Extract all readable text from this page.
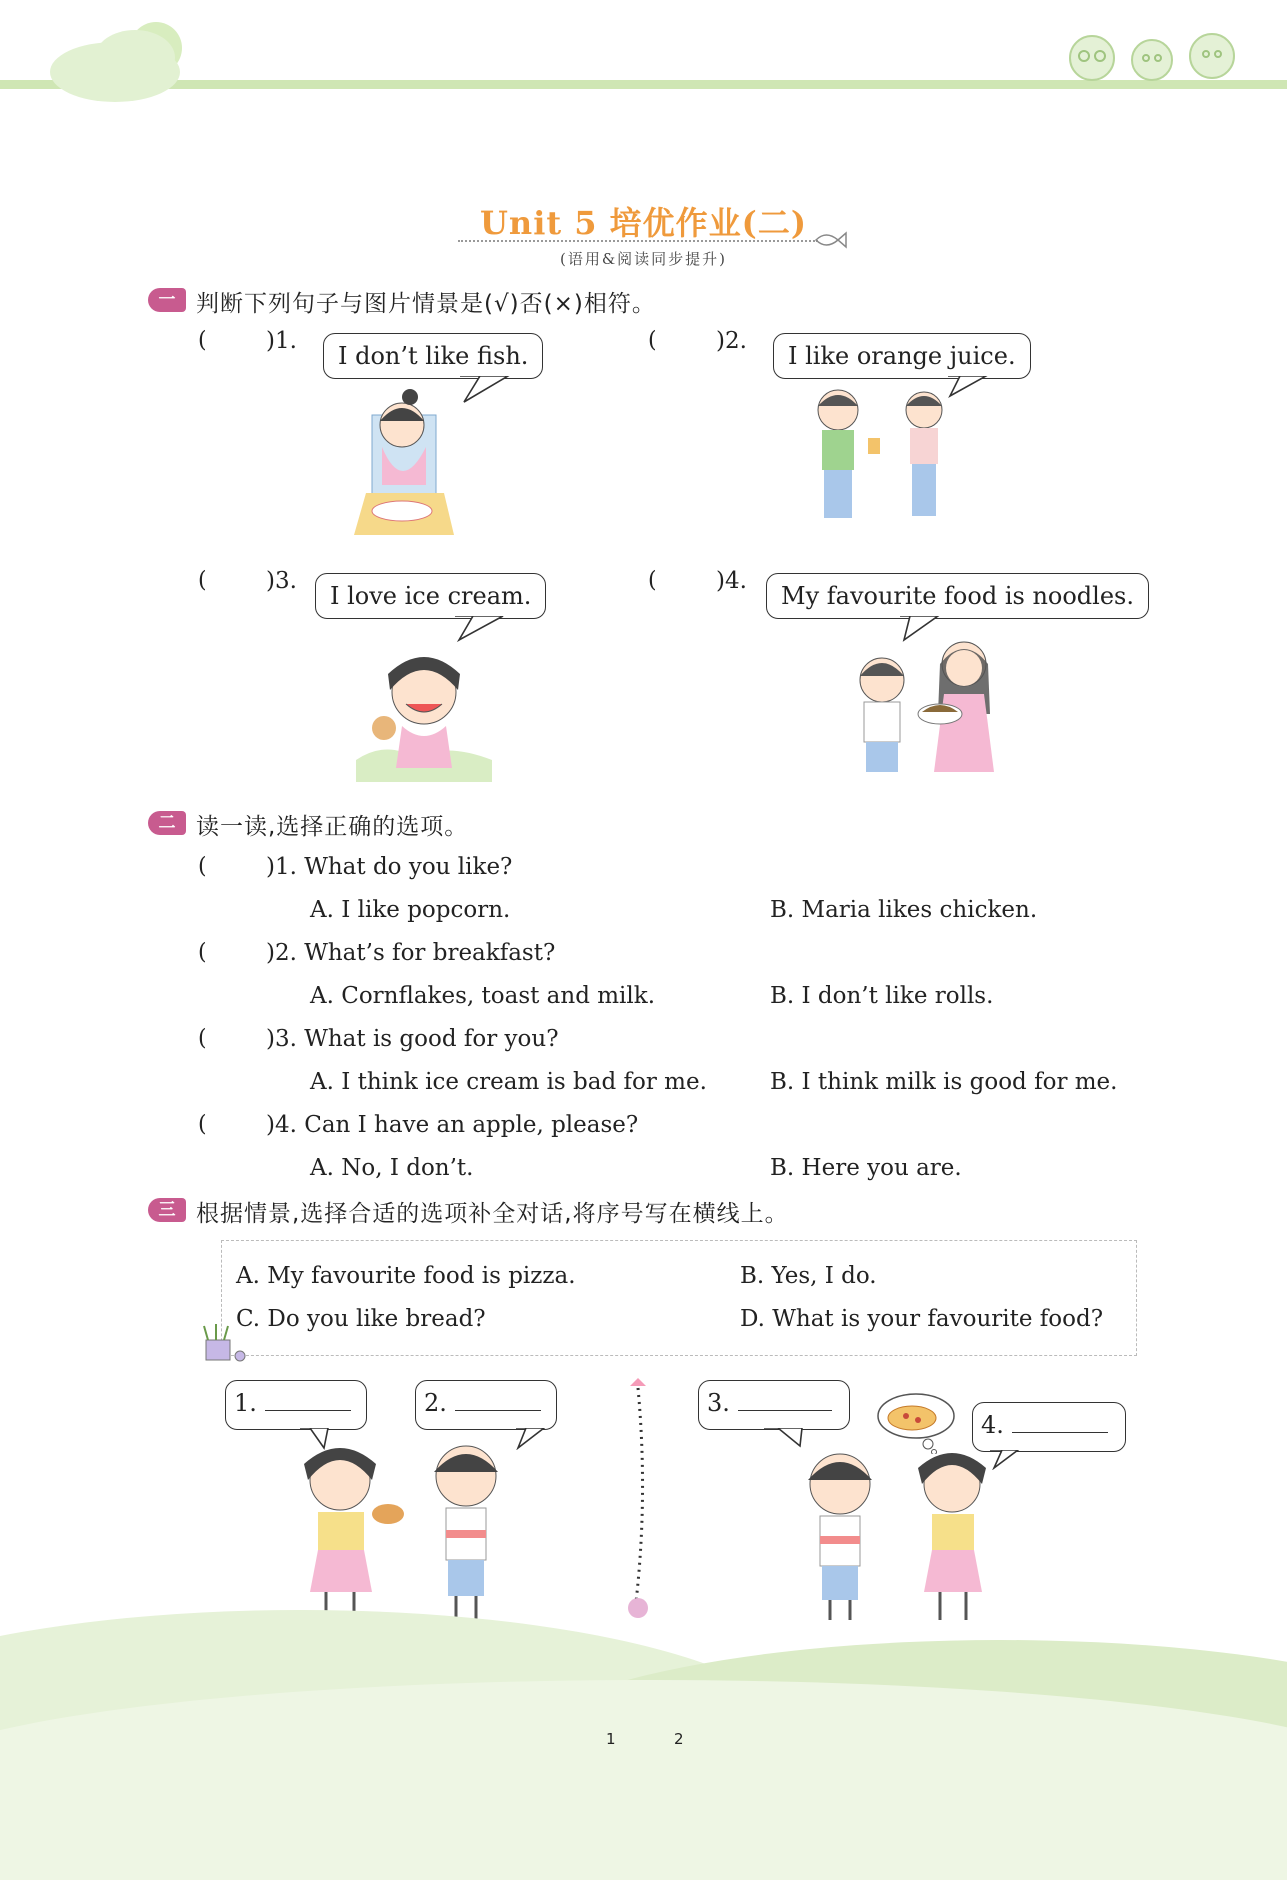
Unit 5 培优作业(二)
(语用&阅读同步提升)
一 判断下列句子与图片情景是(√)否(×)相符。
(	)1.
I don’t like fish.
(	)2.
I like orange juice.
(	)3.
I love ice cream.
(	)4.
My favourite food is noodles.
二 读一读,选择正确的选项。
(	)1. What do you like?
A. I like popcorn.	B. Maria likes chicken.
(	)2. What’s for breakfast?
A. Cornflakes, toast and milk.	B. I don’t like rolls.
(	)3. What is good for you?
A. I think ice cream is bad for me.	B. I think milk is good for me.
(	)4. Can I have an apple, please?
A. No, I don’t.	B. Here you are.
三 根据情景,选择合适的选项补全对话,将序号写在横线上。
A. My favourite food is pizza.	B. Yes, I do.
C. Do you like bread?	D. What is your favourite food?
1.	2.	3.
4.
1	2
